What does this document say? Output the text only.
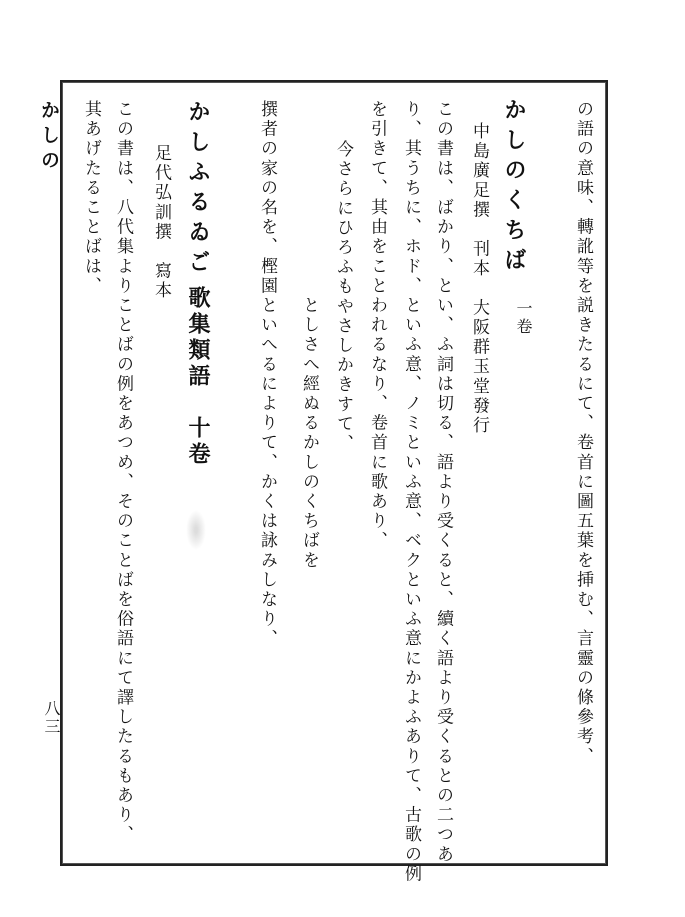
かしの
八三	の語の意味、轉訛等を説きたるにて、卷首に圖五葉を挿む、言靈の條參考、
かしのくちば
一卷
中島廣足撰　刊本　大阪群玉堂發行
この書は、ばかり、とい、ふ詞は切る、語より受くると、續く語より受くるとの二つあ
り、其うちに、ホド、といふ意、ノミといふ意、ベクといふ意にかよふありて、古歌の例
を引きて、其由をことわれるなり、卷首に歌あり、
今さらにひろふもやさしかきすて、
としさへ經ぬるかしのくちばを
撰者の家の名を、樫園といへるによりて、かくは詠みしなり、
かしふるゐご
歌集類語　十卷
足代弘訓撰　寫本
この書は、八代集よりことばの例をあつめ、そのことばを俗語にて譯したるもあり、
其あげたることばは、
